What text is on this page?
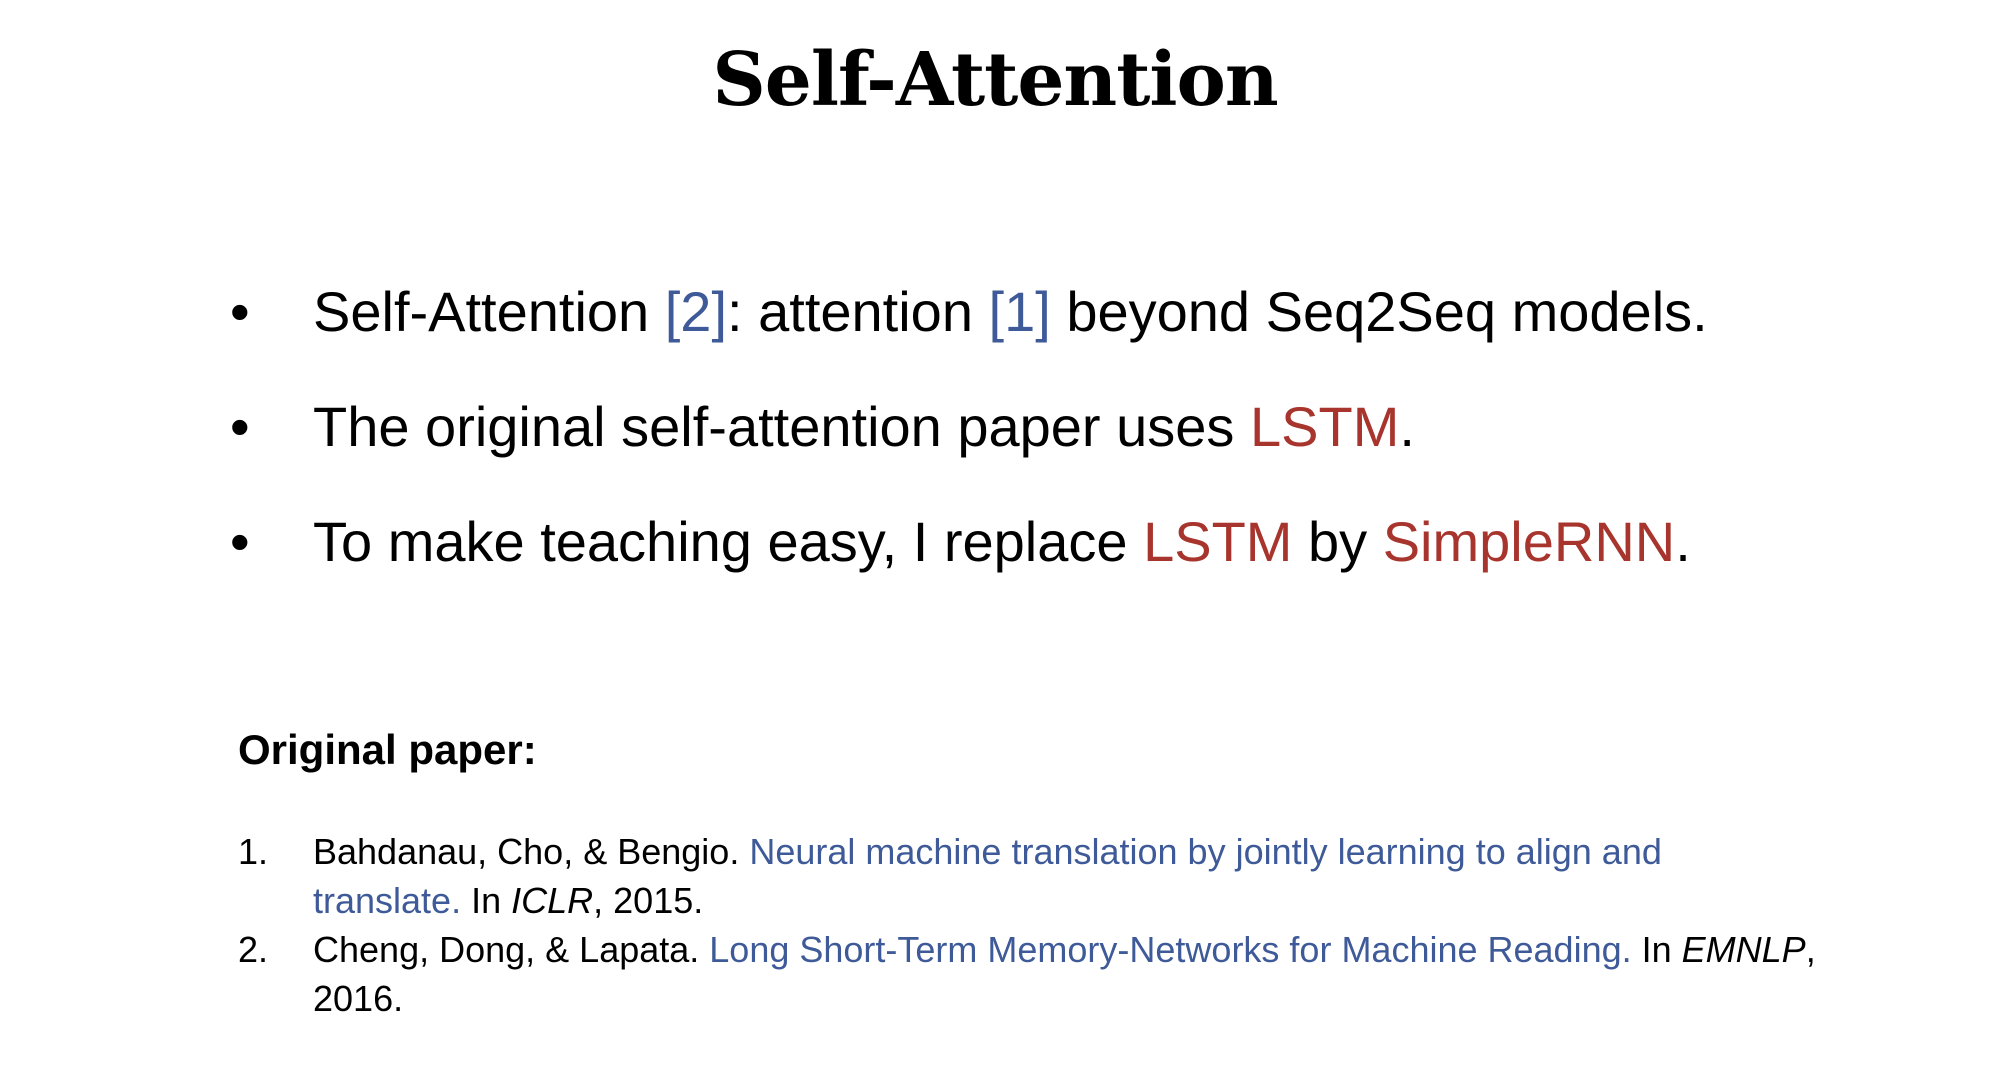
Self-Attention
•	Self-Attention [2]: attention [1] beyond Seq2Seq models.
•	The original self-attention paper uses LSTM.
•	To make teaching easy, I replace LSTM by SimpleRNN.
Original paper:
1. Bahdanau, Cho, & Bengio. Neural machine translation by jointly learning to align and translate. In ICLR, 2015.
2. Cheng, Dong, & Lapata. Long Short-Term Memory-Networks for Machine Reading. In EMNLP, 2016.
